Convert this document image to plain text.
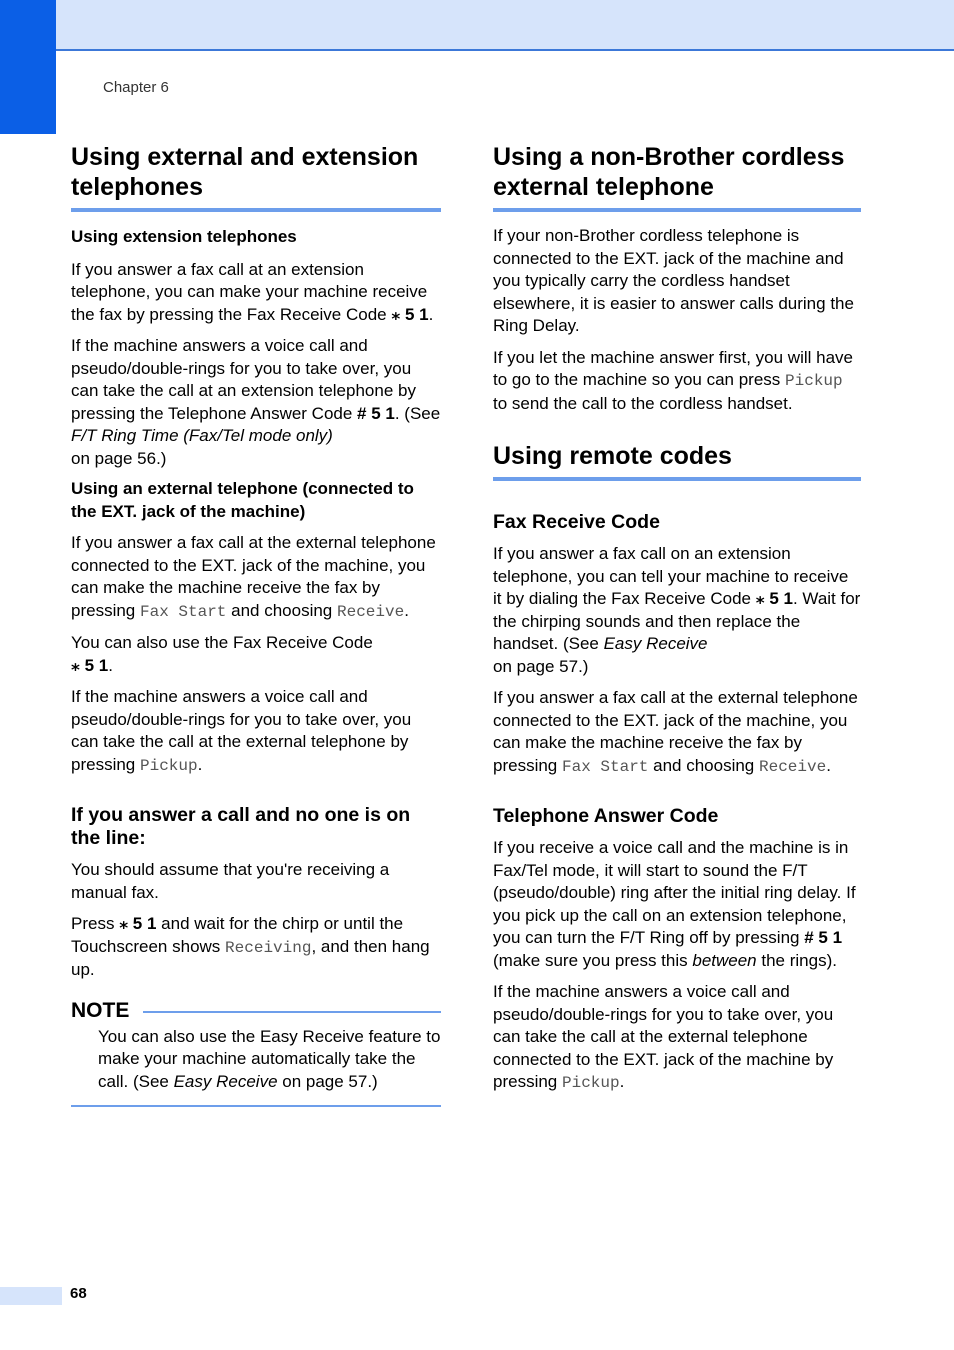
Chapter 6
Using external and extension telephones
Using extension telephones

If you answer a fax call at an extension telephone, you can make your machine receive the fax by pressing the Fax Receive Code ⁎ 5 1.

If the machine answers a voice call and pseudo/double-rings for you to take over, you can take the call at an extension telephone by pressing the Telephone Answer Code # 5 1. (See F/T Ring Time (Fax/Tel mode only)
on page 56.)

Using an external telephone (connected to the EXT. jack of the machine)

If you answer a fax call at the external telephone connected to the EXT. jack of the machine, you can make the machine receive the fax by pressing Fax Start and choosing Receive.

You can also use the Fax Receive Code
⁎ 5 1.

If the machine answers a voice call and pseudo/double-rings for you to take over, you can take the call at the external telephone by pressing Pickup.

If you answer a call and no one is on the line:

You should assume that you're receiving a manual fax.

Press ⁎ 5 1 and wait for the chirp or until the Touchscreen shows Receiving, and then hang up.

NOTE

You can also use the Easy Receive feature to make your machine automatically take the call. (See Easy Receive on page 57.)

Using a non-Brother cordless external telephone

If your non-Brother cordless telephone is connected to the EXT. jack of the machine and you typically carry the cordless handset elsewhere, it is easier to answer calls during the Ring Delay.

If you let the machine answer first, you will have to go to the machine so you can press Pickup to send the call to the cordless handset.

Using remote codes
Fax Receive Code

If you answer a fax call on an extension telephone, you can tell your machine to receive it by dialing the Fax Receive Code ⁎ 5 1. Wait for the chirping sounds and then replace the handset. (See Easy Receive
on page 57.)

If you answer a fax call at the external telephone connected to the EXT. jack of the machine, you can make the machine receive the fax by pressing Fax Start and choosing Receive.

Telephone Answer Code

If you receive a voice call and the machine is in Fax/Tel mode, it will start to sound the F/T (pseudo/double) ring after the initial ring delay. If you pick up the call on an extension telephone, you can turn the F/T Ring off by pressing # 5 1 (make sure you press this between the rings).

If the machine answers a voice call and pseudo/double-rings for you to take over, you can take the call at the external telephone connected to the EXT. jack of the machine by pressing Pickup.

68
